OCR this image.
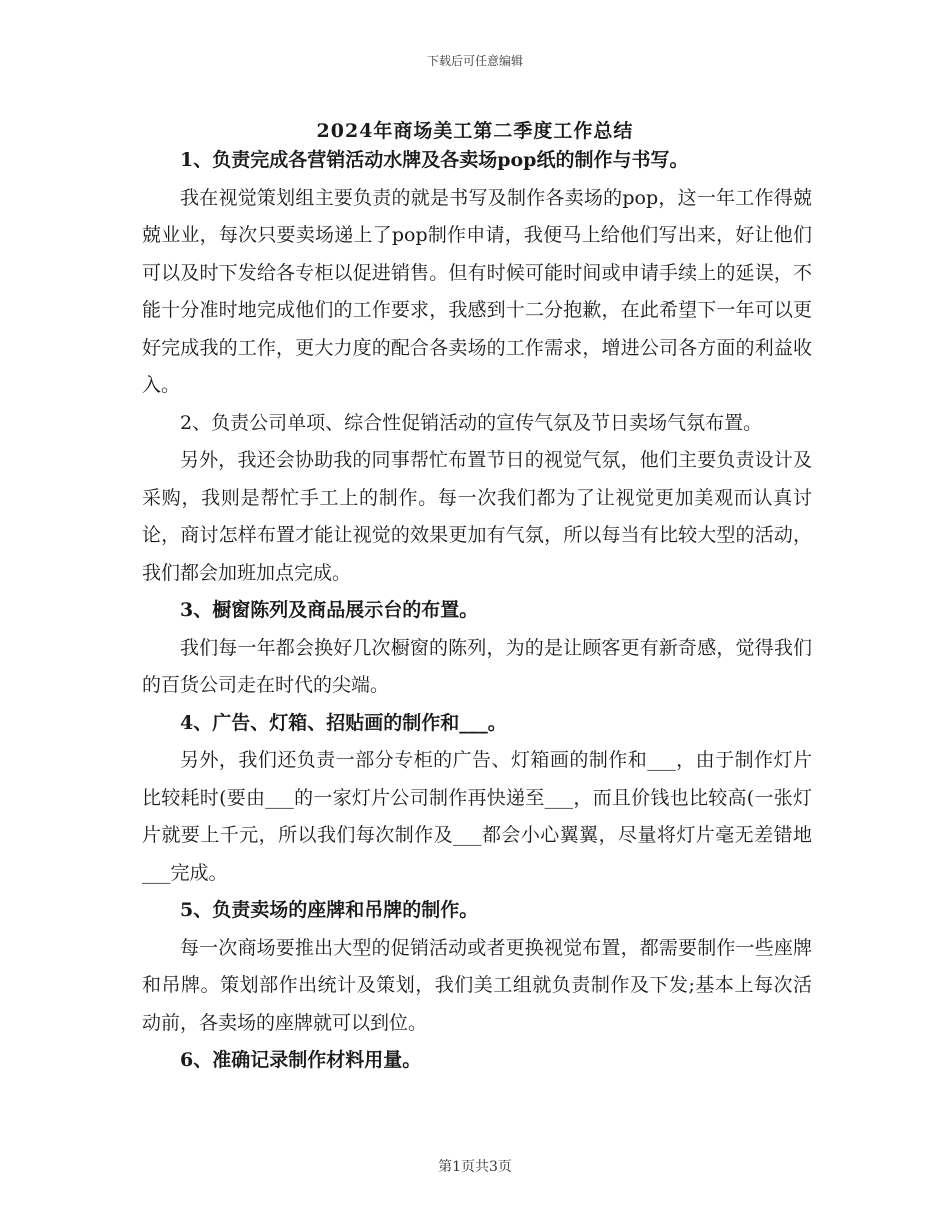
下载后可任意编辑
2024年商场美工第二季度工作总结

1、负责完成各营销活动水牌及各卖场pop纸的制作与书写。

我在视觉策划组主要负责的就是书写及制作各卖场的pop，这一年工作得兢兢业业，每次只要卖场递上了pop制作申请，我便马上给他们写出来，好让他们可以及时下发给各专柜以促进销售。但有时候可能时间或申请手续上的延误，不能十分准时地完成他们的工作要求，我感到十二分抱歉，在此希望下一年可以更好完成我的工作，更大力度的配合各卖场的工作需求，增进公司各方面的利益收入。

2、负责公司单项、综合性促销活动的宣传气氛及节日卖场气氛布置。

另外，我还会协助我的同事帮忙布置节日的视觉气氛，他们主要负责设计及采购，我则是帮忙手工上的制作。每一次我们都为了让视觉更加美观而认真讨论，商讨怎样布置才能让视觉的效果更加有气氛，所以每当有比较大型的活动，我们都会加班加点完成。

3、橱窗陈列及商品展示台的布置。

我们每一年都会换好几次橱窗的陈列，为的是让顾客更有新奇感，觉得我们的百货公司走在时代的尖端。

4、广告、灯箱、招贴画的制作和___。

另外，我们还负责一部分专柜的广告、灯箱画的制作和___，由于制作灯片比较耗时(要由___的一家灯片公司制作再快递至___，而且价钱也比较高(一张灯片就要上千元，所以我们每次制作及___都会小心翼翼，尽量将灯片毫无差错地___完成。

5、负责卖场的座牌和吊牌的制作。

每一次商场要推出大型的促销活动或者更换视觉布置，都需要制作一些座牌和吊牌。策划部作出统计及策划，我们美工组就负责制作及下发;基本上每次活动前，各卖场的座牌就可以到位。

6、准确记录制作材料用量。

第1页共3页
